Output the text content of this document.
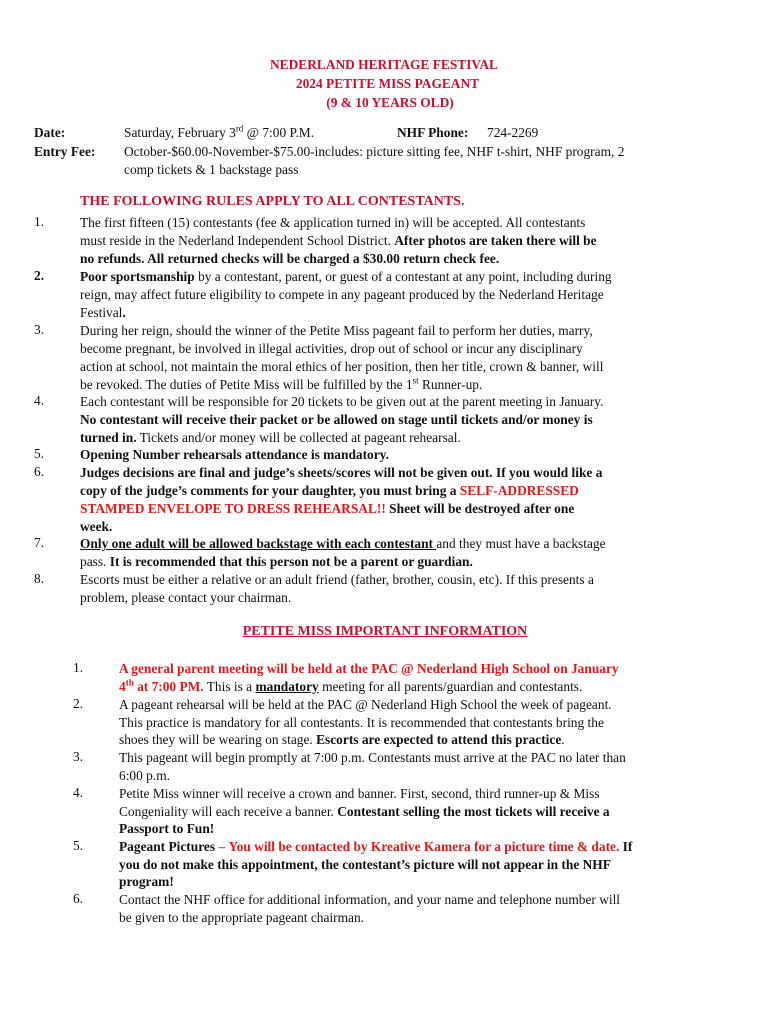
NEDERLAND HERITAGE FESTIVAL
2024 PETITE MISS PAGEANT
(9 & 10 YEARS OLD)
Date:	Saturday, February 3rd @ 7:00 P.M.	NHF Phone: 724-2269
Entry Fee: October-$60.00-November-$75.00-includes: picture sitting fee, NHF t-shirt, NHF program, 2
comp tickets & 1 backstage pass
THE FOLLOWING RULES APPLY TO ALL CONTESTANTS.
1.	The first fifteen (15) contestants (fee & application turned in) will be accepted. All contestants
must reside in the Nederland Independent School District. After photos are taken there will be
no refunds. All returned checks will be charged a $30.00 return check fee.
2.	Poor sportsmanship by a contestant, parent, or guest of a contestant at any point, including during
reign, may affect future eligibility to compete in any pageant produced by the Nederland Heritage
Festival.
3.	During her reign, should the winner of the Petite Miss pageant fail to perform her duties, marry,
become pregnant, be involved in illegal activities, drop out of school or incur any disciplinary
action at school, not maintain the moral ethics of her position, then her title, crown & banner, will
be revoked. The duties of Petite Miss will be fulfilled by the 1st Runner-up.
4.	Each contestant will be responsible for 20 tickets to be given out at the parent meeting in January.
No contestant will receive their packet or be allowed on stage until tickets and/or money is
turned in. Tickets and/or money will be collected at pageant rehearsal.
5.	Opening Number rehearsals attendance is mandatory.
6.	Judges decisions are final and judge’s sheets/scores will not be given out. If you would like a
copy of the judge’s comments for your daughter, you must bring a SELF-ADDRESSED
STAMPED ENVELOPE TO DRESS REHEARSAL!! Sheet will be destroyed after one
week.
7.	Only one adult will be allowed backstage with each contestant and they must have a backstage
pass. It is recommended that this person not be a parent or guardian.
8.	Escorts must be either a relative or an adult friend (father, brother, cousin, etc). If this presents a
problem, please contact your chairman.
PETITE MISS IMPORTANT INFORMATION
1.	A general parent meeting will be held at the PAC @ Nederland High School on January
4th at 7:00 PM. This is a mandatory meeting for all parents/guardian and contestants.
2.	A pageant rehearsal will be held at the PAC @ Nederland High School the week of pageant.
This practice is mandatory for all contestants. It is recommended that contestants bring the
shoes they will be wearing on stage. Escorts are expected to attend this practice.
3.	This pageant will begin promptly at 7:00 p.m. Contestants must arrive at the PAC no later than
6:00 p.m.
4.	Petite Miss winner will receive a crown and banner. First, second, third runner-up & Miss
Congeniality will each receive a banner. Contestant selling the most tickets will receive a
Passport to Fun!
5.	Pageant Pictures – You will be contacted by Kreative Kamera for a picture time & date. If
you do not make this appointment, the contestant’s picture will not appear in the NHF
program!
6.	Contact the NHF office for additional information, and your name and telephone number will
be given to the appropriate pageant chairman.
